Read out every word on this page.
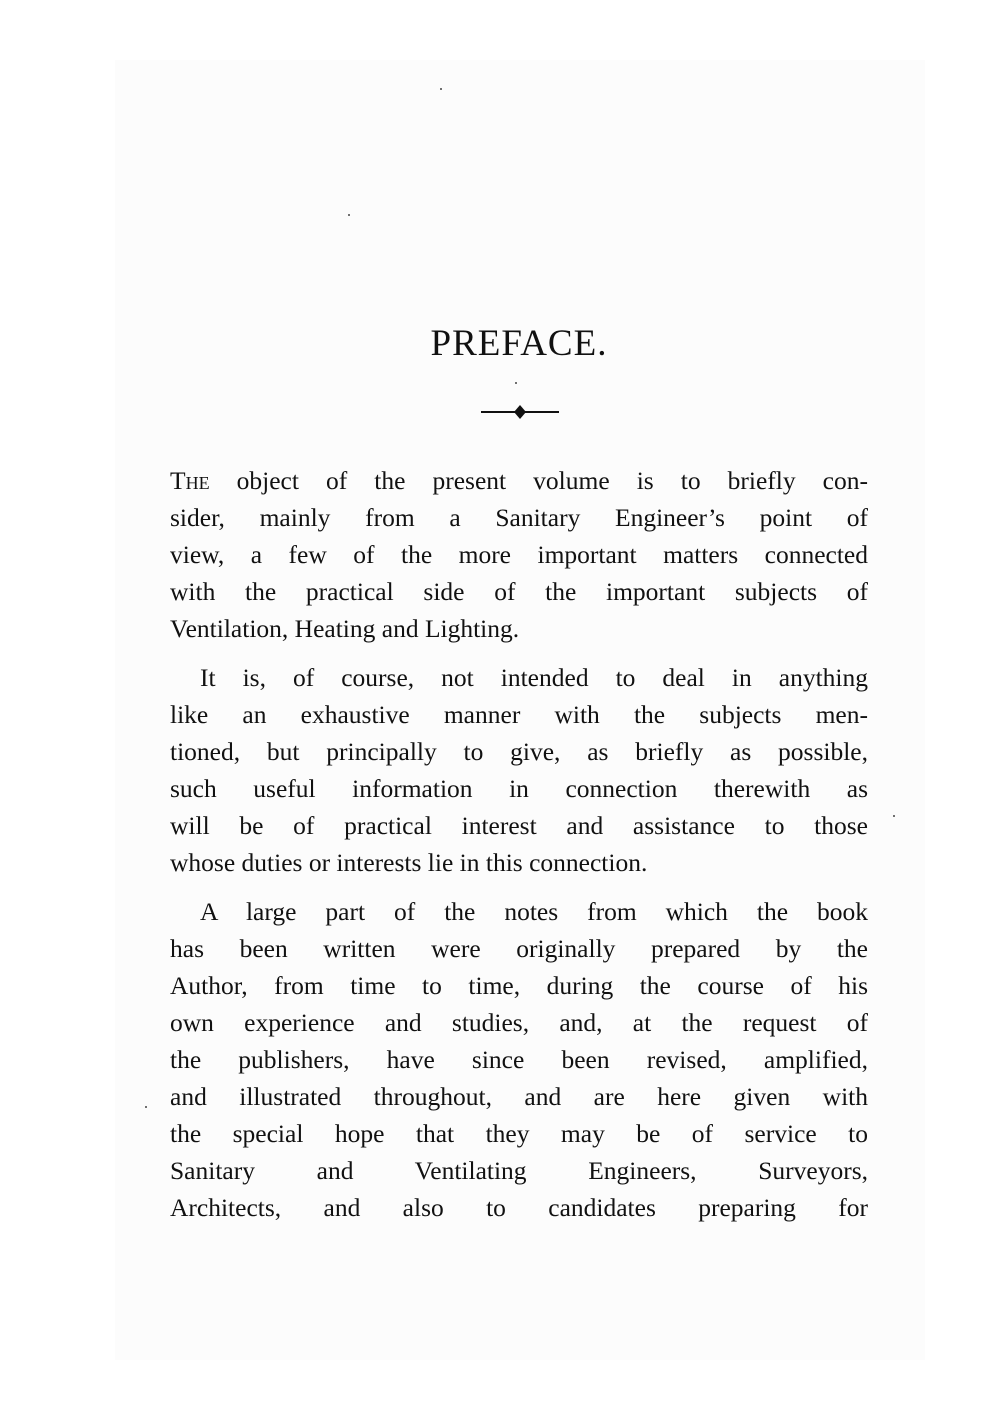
PREFACE.

The object of the present volume is to briefly con-
sider, mainly from a Sanitary Engineer’s point of
view, a few of the more important matters connected
with the practical side of the important subjects of
Ventilation, Heating and Lighting.

It is, of course, not intended to deal in anything
like an exhaustive manner with the subjects men-
tioned, but principally to give, as briefly as possible,
such useful information in connection therewith as
will be of practical interest and assistance to those
whose duties or interests lie in this connection.

A large part of the notes from which the book
has been written were originally prepared by the
Author, from time to time, during the course of his
own experience and studies, and, at the request of
the publishers, have since been revised, amplified,
and illustrated throughout, and are here given with
the special hope that they may be of service to
Sanitary and Ventilating Engineers, Surveyors,
Architects, and also to candidates preparing for
